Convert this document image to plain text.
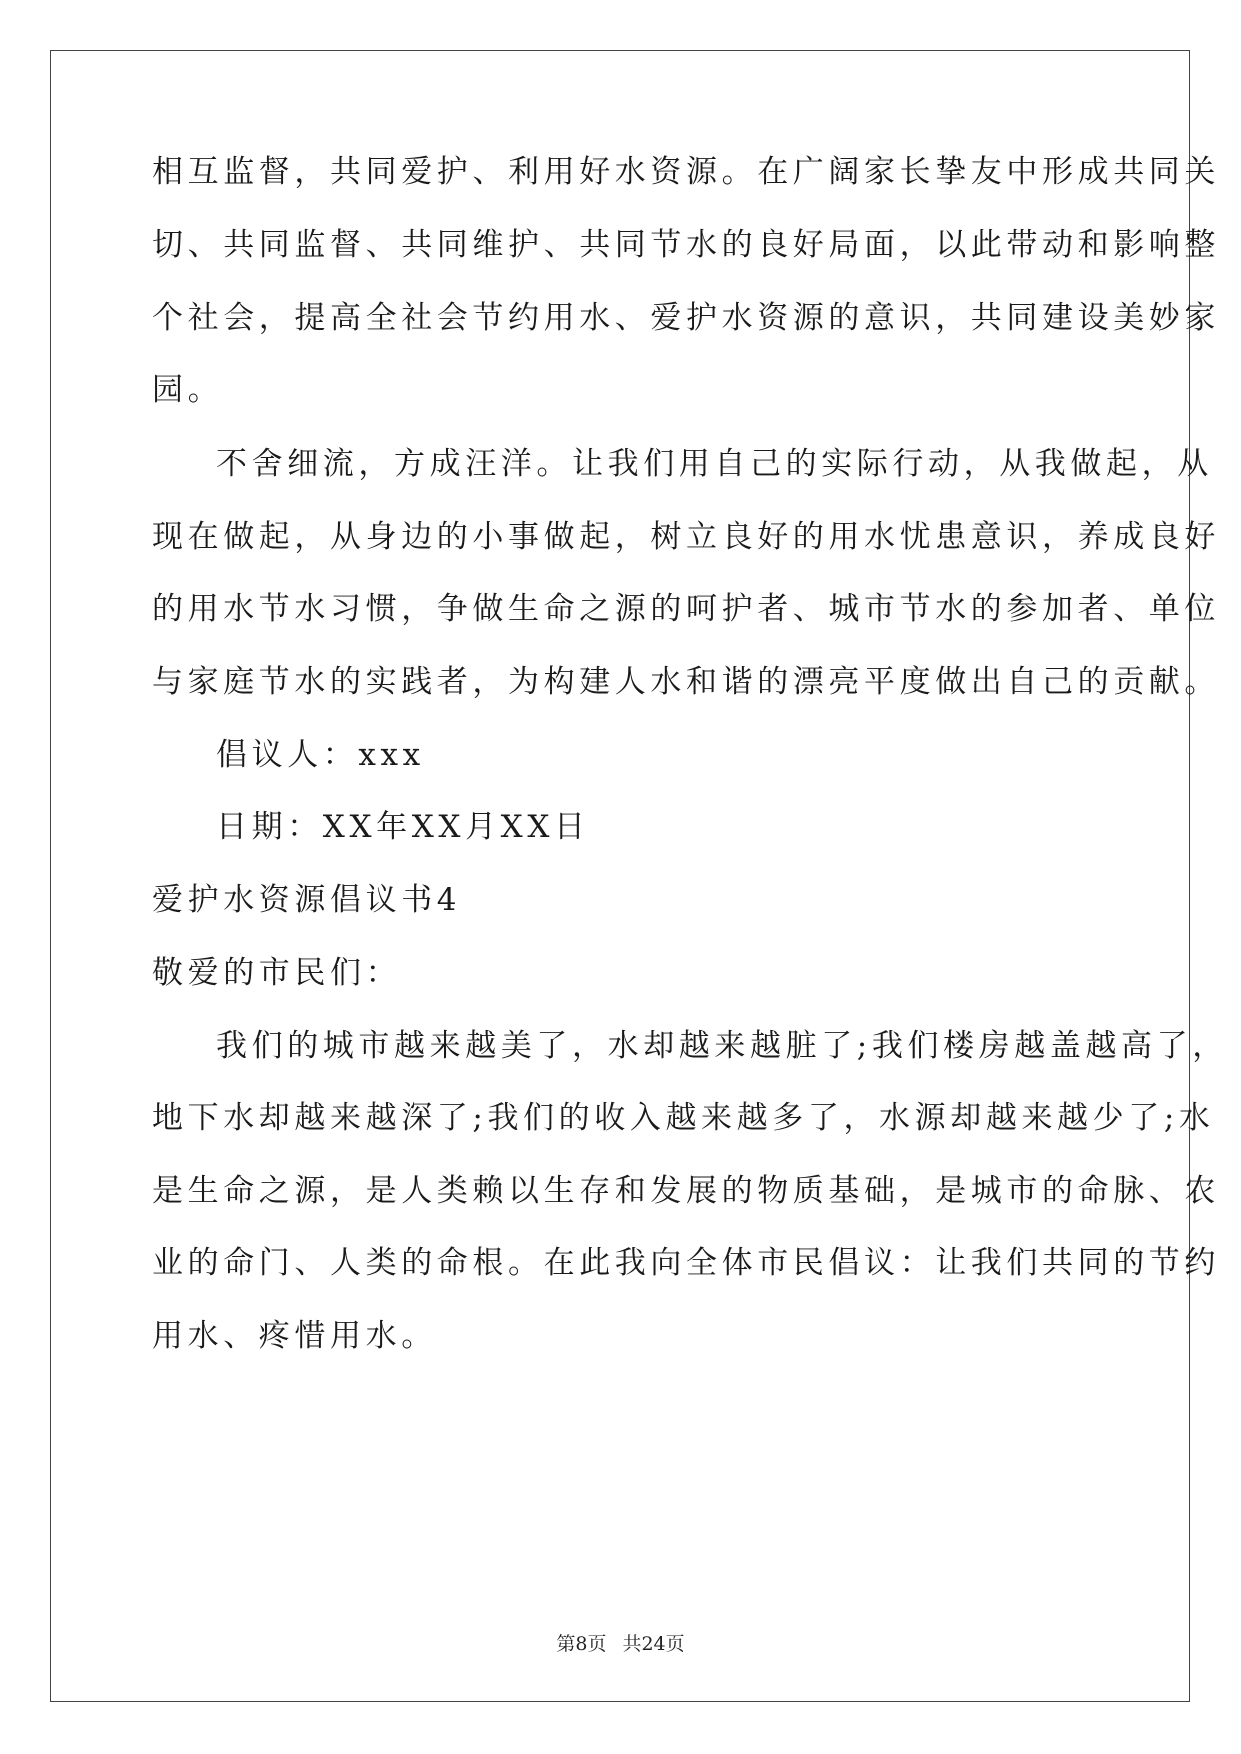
相互监督，共同爱护、利用好水资源。在广阔家长挚友中形成共同关
切、共同监督、共同维护、共同节水的良好局面，以此带动和影响整
个社会，提高全社会节约用水、爱护水资源的意识，共同建设美妙家
园。
不舍细流，方成汪洋。让我们用自己的实际行动，从我做起，从
现在做起，从身边的小事做起，树立良好的用水忧患意识，养成良好
的用水节水习惯，争做生命之源的呵护者、城市节水的参加者、单位
与家庭节水的实践者，为构建人水和谐的漂亮平度做出自己的贡献。
倡议人：xxx
日期：XX年XX月XX日
爱护水资源倡议书4
敬爱的市民们：
我们的城市越来越美了，水却越来越脏了;我们楼房越盖越高了，
地下水却越来越深了;我们的收入越来越多了，水源却越来越少了;水
是生命之源，是人类赖以生存和发展的物质基础，是城市的命脉、农
业的命门、人类的命根。在此我向全体市民倡议：让我们共同的节约
用水、疼惜用水。
第8页 共24页
